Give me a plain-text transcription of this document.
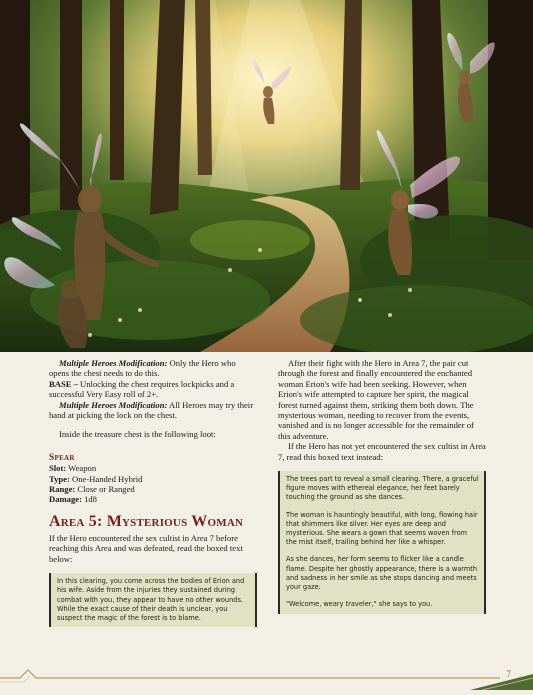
Multiple Heroes Modification: Only the Hero who opens the chest needs to do this.

BASE – Unlocking the chest requires lockpicks and a successful Very Easy roll of 2+.

Multiple Heroes Modification: All Heroes may try their hand at picking the lock on the chest.

Inside the treasure chest is the following loot:

Spear

Slot: Weapon

Type: One-Handed Hybrid

Range: Close or Ranged

Damage: 1d8

Area 5: Mysterious Woman

If the Hero encountered the sex cultist in Area 7 before reaching this Area and was defeated, read the boxed text below:

In this clearing, you come across the bodies of Erion and his wife. Aside from the injuries they sustained during combat with you, they appear to have no other wounds. While the exact cause of their death is unclear, you suspect the magic of the forest is to blame.

After their fight with the Hero in Area 7, the pair cut through the forest and finally encountered the enchanted woman Erion's wife had been seeking. However, when Erion's wife attempted to capture her spirit, the magical forest turned against them, striking them both down. The mysterious woman, needing to recover from the events, vanished and is no longer accessible for the remainder of this adventure.

If the Hero has not yet encountered the sex cultist in Area 7, read this boxed text instead:

The trees part to reveal a small clearing. There, a graceful figure moves with ethereal elegance, her feet barely touching the ground as she dances.

The woman is hauntingly beautiful, with long, flowing hair that shimmers like silver. Her eyes are deep and mysterious. She wears a gown that seems woven from the mist itself, trailing behind her like a whisper.

As she dances, her form seems to flicker like a candle flame. Despite her ghostly appearance, there is a warmth and sadness in her smile as she stops dancing and meets your gaze.

"Welcome, weary traveler," she says to you.

7
